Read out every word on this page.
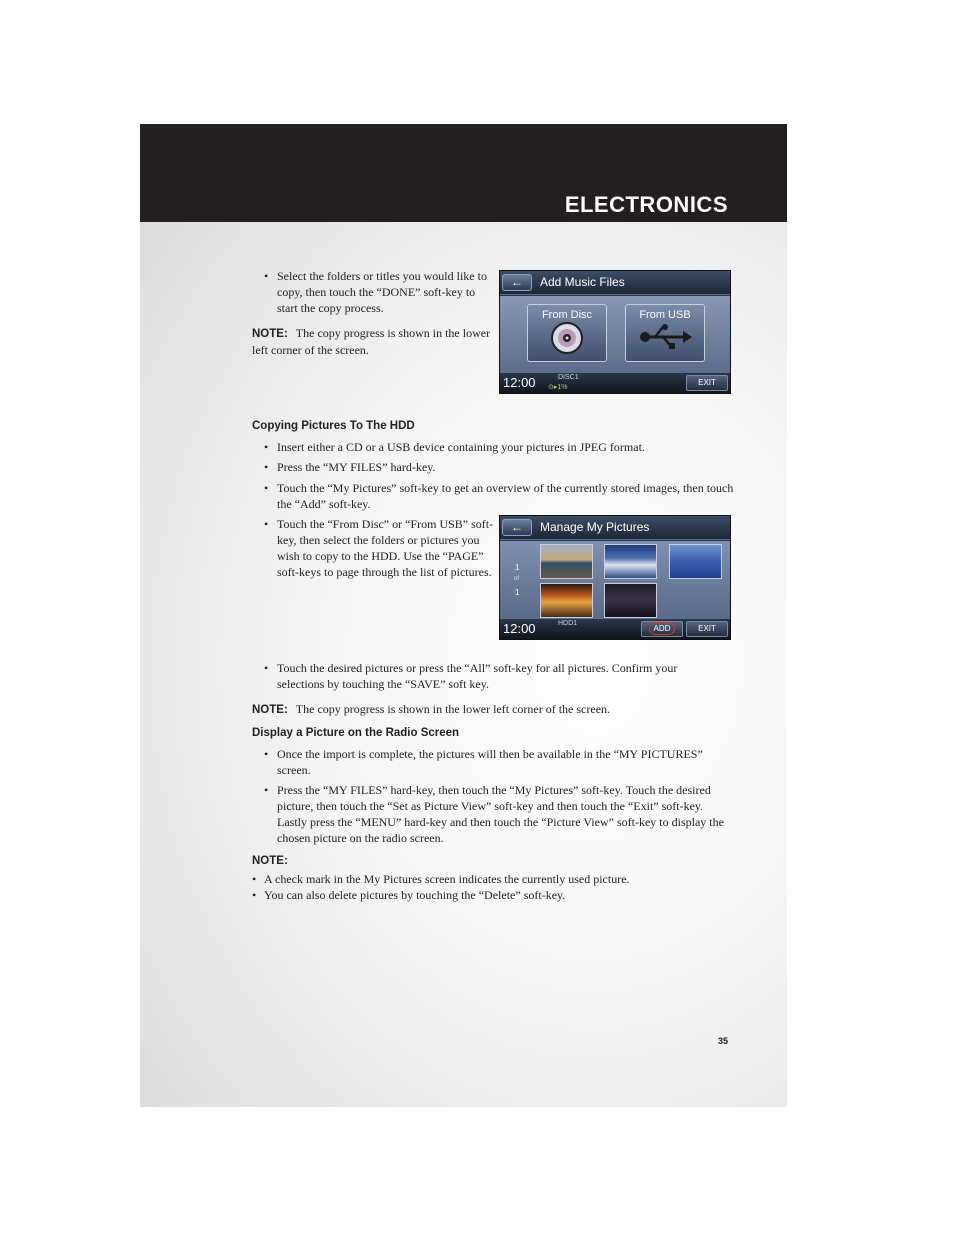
ELECTRONICS
• Select the folders or titles you would like to copy, then touch the “DONE” soft-key to start the copy process.
NOTE: The copy progress is shown in the lower left corner of the screen.
←	Add Music Files
From Disc	From USB
12:00	DISC1
⊙▸1%
EXIT
Copying Pictures To The HDD
• Insert either a CD or a USB device containing your pictures in JPEG format.
• Press the “MY FILES” hard-key.
• Touch the “My Pictures” soft-key to get an overview of the currently stored images, then touch the “Add” soft-key.
• Touch the “From Disc” or “From USB” soft-key, then select the folders or pictures you wish to copy to the HDD. Use the “PAGE” soft-keys to page through the list of pictures.
←	Manage My Pictures
1
of
1
12:00	HDD1
ADD	EXIT
• Touch the desired pictures or press the “All” soft-key for all pictures. Confirm your selections by touching the “SAVE” soft key.
NOTE: The copy progress is shown in the lower left corner of the screen.
Display a Picture on the Radio Screen
• Once the import is complete, the pictures will then be available in the “MY PICTURES” screen.
• Press the “MY FILES” hard-key, then touch the “My Pictures” soft-key. Touch the desired picture, then touch the “Set as Picture View” soft-key and then touch the “Exit” soft-key. Lastly press the “MENU” hard-key and then touch the “Picture View” soft-key to display the chosen picture on the radio screen.
NOTE:
• A check mark in the My Pictures screen indicates the currently used picture.
• You can also delete pictures by touching the “Delete” soft-key.
35
